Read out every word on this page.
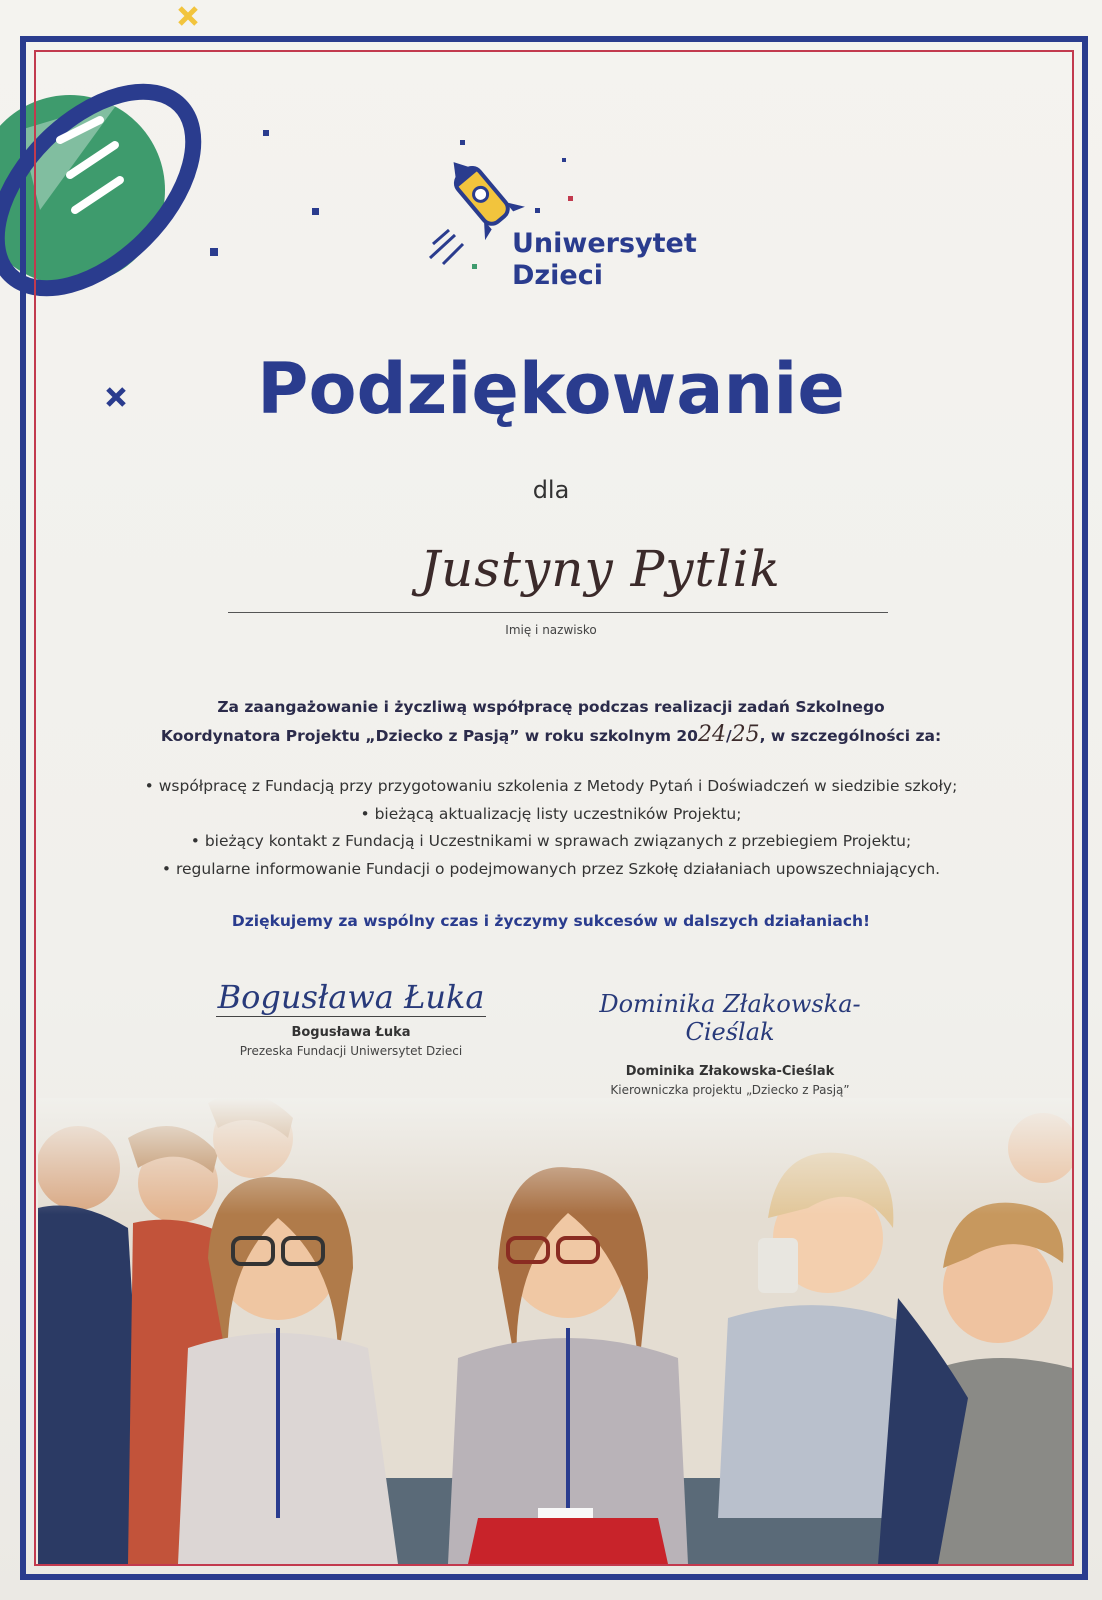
Uniwersytet
Dzieci
Podziękowanie
dla
Justyny Pytlik
Imię i nazwisko
Za zaangażowanie i życzliwą współpracę podczas realizacji zadań Szkolnego
Koordynatora Projektu „Dziecko z Pasją” w roku szkolnym 2024/25, w szczególności za:
• współpracę z Fundacją przy przygotowaniu szkolenia z Metody Pytań i Doświadczeń w siedzibie szkoły;
• bieżącą aktualizację listy uczestników Projektu;
• bieżący kontakt z Fundacją i Uczestnikami w sprawach związanych z przebiegiem Projektu;
• regularne informowanie Fundacji o podejmowanych przez Szkołę działaniach upowszechniających.
Dziękujemy za wspólny czas i życzymy sukcesów w dalszych działaniach!
Bogusława Łuka
Bogusława Łuka
Prezeska Fundacji Uniwersytet Dzieci
Dominika Złakowska-Cieślak
Dominika Złakowska-Cieślak
Kierowniczka projektu „Dziecko z Pasją”
